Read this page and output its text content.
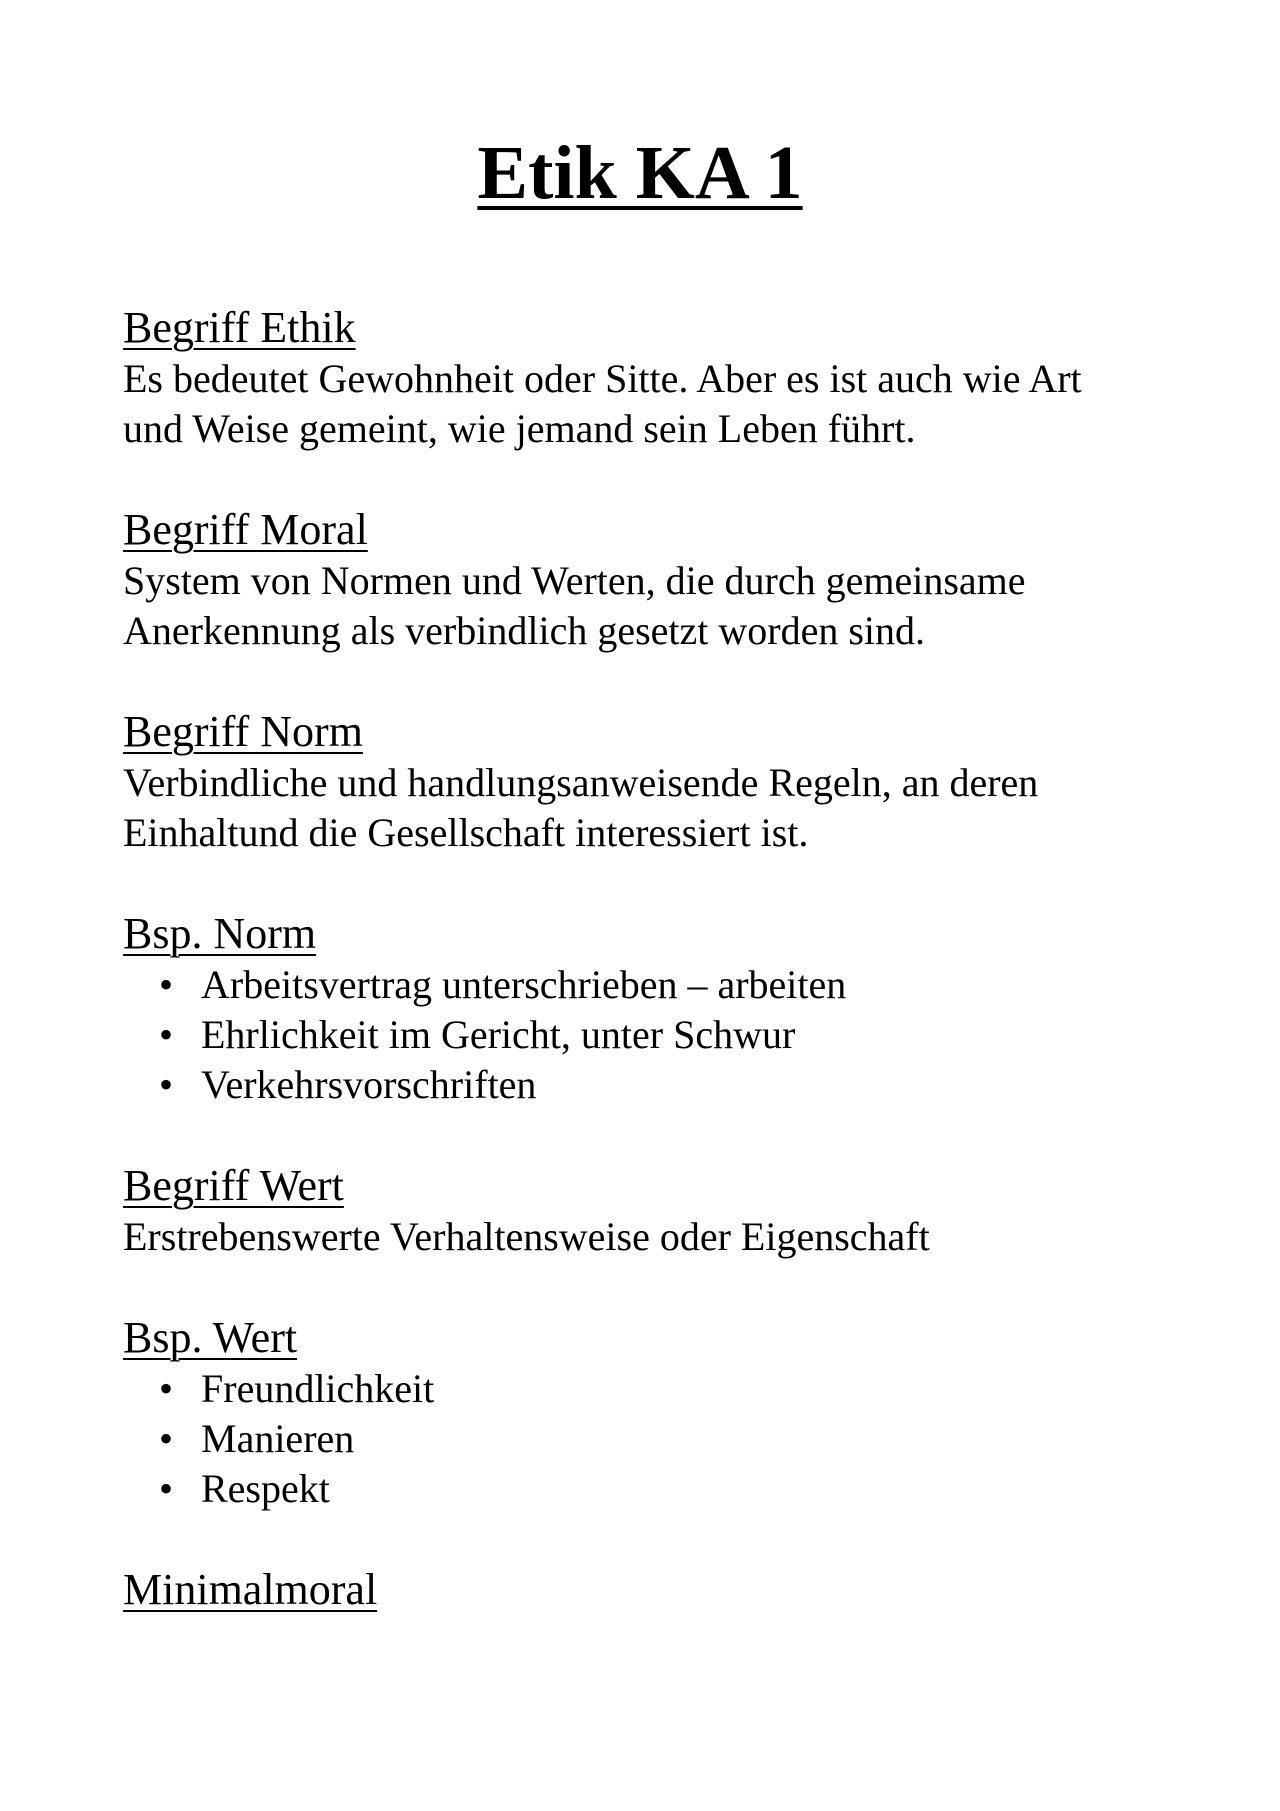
Etik KA 1
Begriff Ethik

Es bedeutet Gewohnheit oder Sitte. Aber es ist auch wie Art
und Weise gemeint, wie jemand sein Leben führt.

Begriff Moral

System von Normen und Werten, die durch gemeinsame
Anerkennung als verbindlich gesetzt worden sind.

Begriff Norm

Verbindliche und handlungsanweisende Regeln, an deren
Einhaltund die Gesellschaft interessiert ist.

Bsp. Norm
• Arbeitsvertrag unterschrieben – arbeiten
• Ehrlichkeit im Gericht, unter Schwur
• Verkehrsvorschriften
Begriff Wert

Erstrebenswerte Verhaltensweise oder Eigenschaft

Bsp. Wert
• Freundlichkeit
• Manieren
• Respekt
Minimalmoral
